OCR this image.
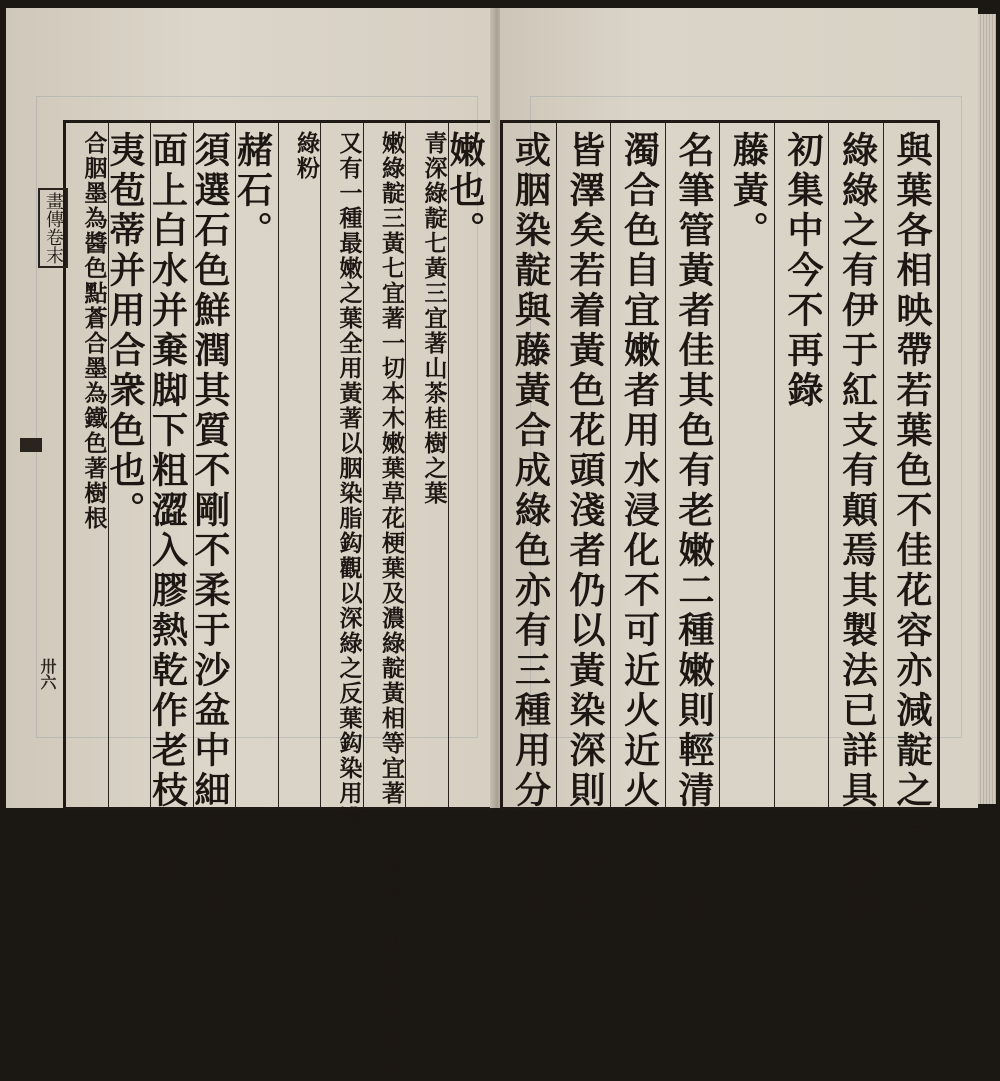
嫩也。
深綠靛七黃三宜著山茶桂樹之葉
青
濃綠靛黃相等宜著一切濃厚之葉鈎染用深綠
嫩綠靛三黃七宜著一切本木嫩葉草花梗葉及
深綠之反葉鈎染用濃綠
又有一種最嫩之葉全用黃著以胭染脂鈎觀以
綠粉
赭石。
須選石色鮮潤其質不剛不柔于沙盆中細磨澄去
面上白水并棄脚下粗澀入膠熱乾作老枝枯葉辛
夷苞蒂并用合衆色也。
合墨為鐵色著樹根
合胭墨為醬色點蒼
畫傳卷末
卅六	與葉各相映帶若葉色不佳花容亦減靛之有伊于
綠綠之有伊于紅支有顛焉其製法已詳具于畫傳
初集中今不再錄
藤黃。
名筆管黃者佳其色有老嫩二種嫩則輕清老則重
濁合色自宜嫩者用水浸化不可近火近火則凝滯
皆澤矣若着黃色花頭淺者仍以黃染深則用赭染
或胭染靛與藤黃合成綠色亦有三種用分深淺老
